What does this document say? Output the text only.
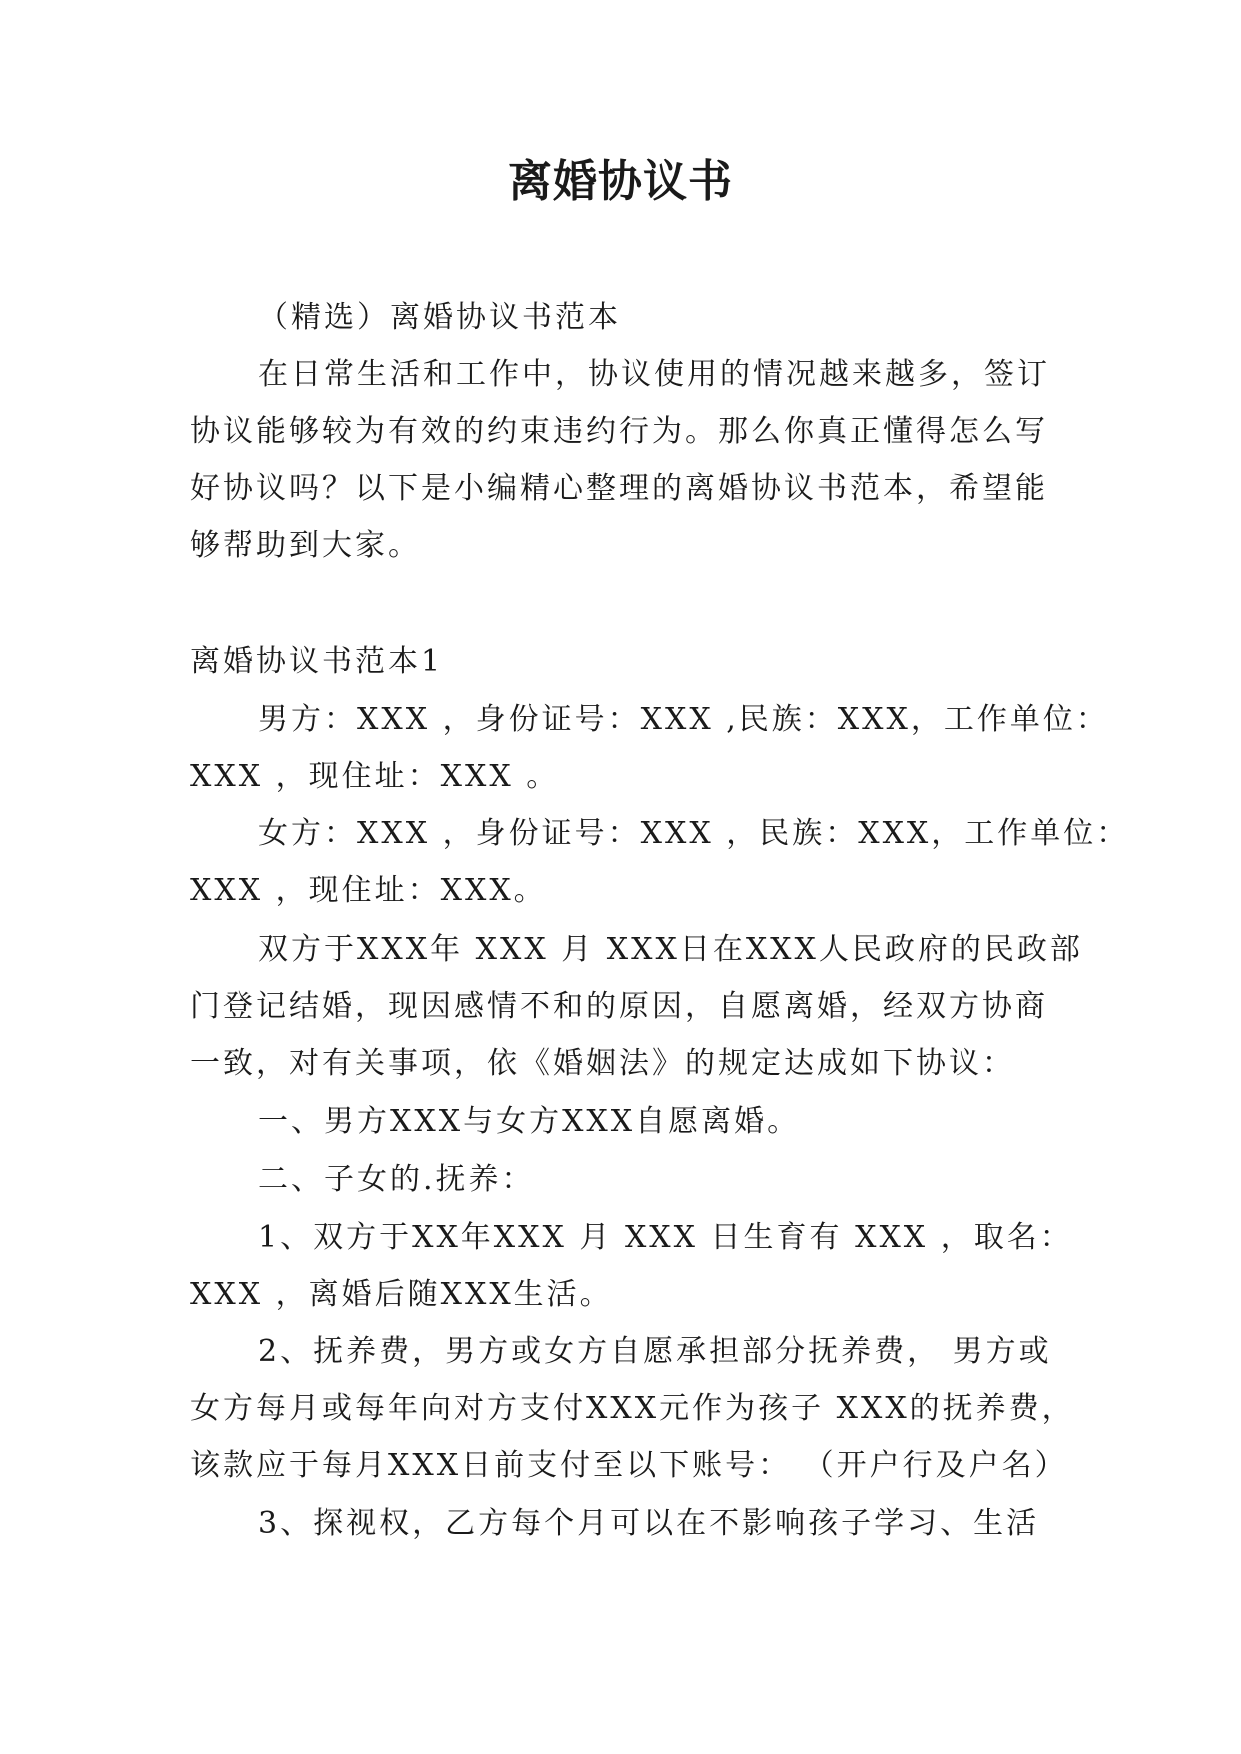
离婚协议书
（精选）离婚协议书范本
在日常生活和工作中，协议使用的情况越来越多，签订
协议能够较为有效的约束违约行为。那么你真正懂得怎么写
好协议吗？以下是小编精心整理的离婚协议书范本，希望能
够帮助到大家。
离婚协议书范本1
男方：XXX ，身份证号：XXX ,民族：XXX，工作单位：
XXX ，现住址：XXX 。
女方：XXX ，身份证号：XXX ，民族：XXX，工作单位：
XXX ，现住址：XXX。
双方于XXX年 XXX 月 XXX日在XXX人民政府的民政部
门登记结婚，现因感情不和的原因，自愿离婚，经双方协商
一致，对有关事项，依《婚姻法》的规定达成如下协议：
一、男方XXX与女方XXX自愿离婚。
二、子女的.抚养：
1、双方于XX年XXX 月 XXX 日生育有 XXX ，取名：
XXX ，离婚后随XXX生活。
2、抚养费，男方或女方自愿承担部分抚养费， 男方或
女方每月或每年向对方支付XXX元作为孩子 XXX的抚养费，
该款应于每月XXX日前支付至以下账号： （开户行及户名）
3、探视权，乙方每个月可以在不影响孩子学习、生活
